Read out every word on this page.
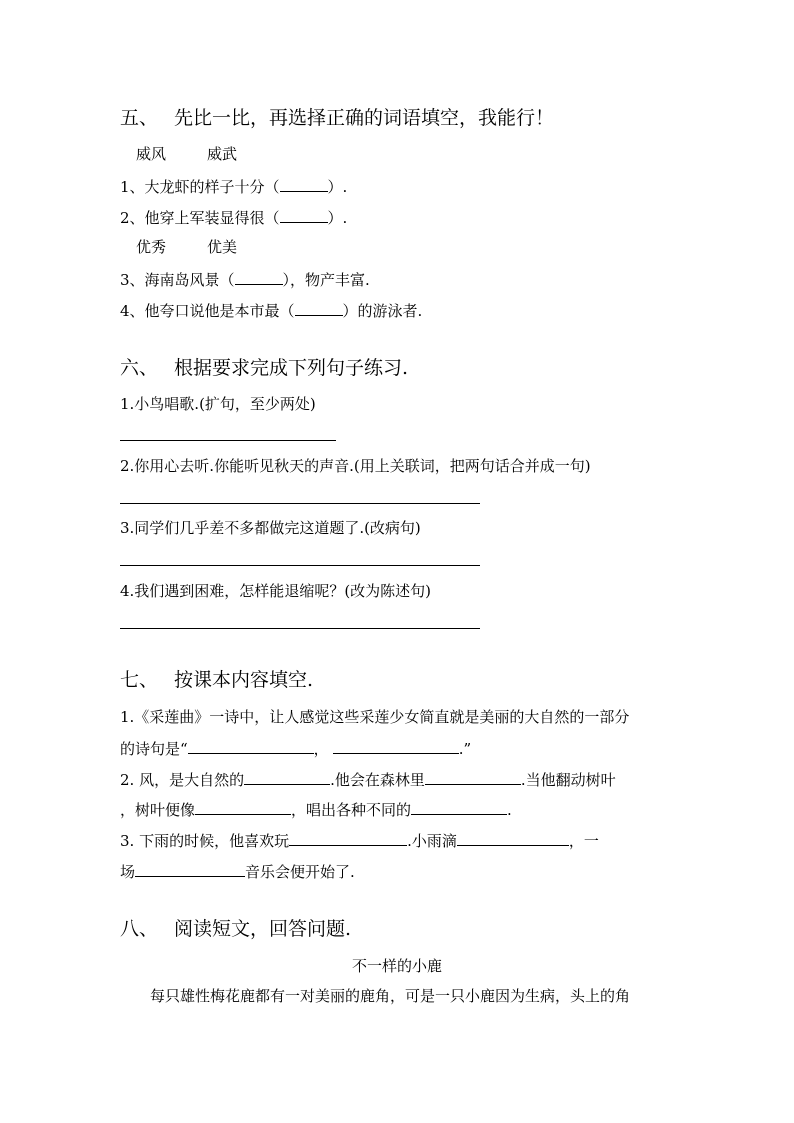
五、 先比一比，再选择正确的词语填空，我能行！
威风	威武
1、大龙虾的样子十分（	）.
2、他穿上军装显得很（	）.
优秀	优美
3、海南岛风景（	），物产丰富.
4、他夸口说他是本市最（	）的游泳者.
六、 根据要求完成下列句子练习.
1.小鸟唱歌.(扩句，至少两处)
2.你用心去听.你能听见秋天的声音.(用上关联词，把两句话合并成一句)
3.同学们几乎差不多都做完这道题了.(改病句)
4.我们遇到困难，怎样能退缩呢？(改为陈述句)
七、 按课本内容填空.
1.《采莲曲》一诗中，让人感觉这些采莲少女简直就是美丽的大自然的一部分
的诗句是“	，	.”
2. 风，是大自然的	.他会在森林里	.当他翻动树叶
，树叶便像	，唱出各种不同的	.
3. 下雨的时候，他喜欢玩	.小雨滴	，一
场	音乐会便开始了.
八、 阅读短文，回答问题.
不一样的小鹿
每只雄性梅花鹿都有一对美丽的鹿角，可是一只小鹿因为生病，头上的角
